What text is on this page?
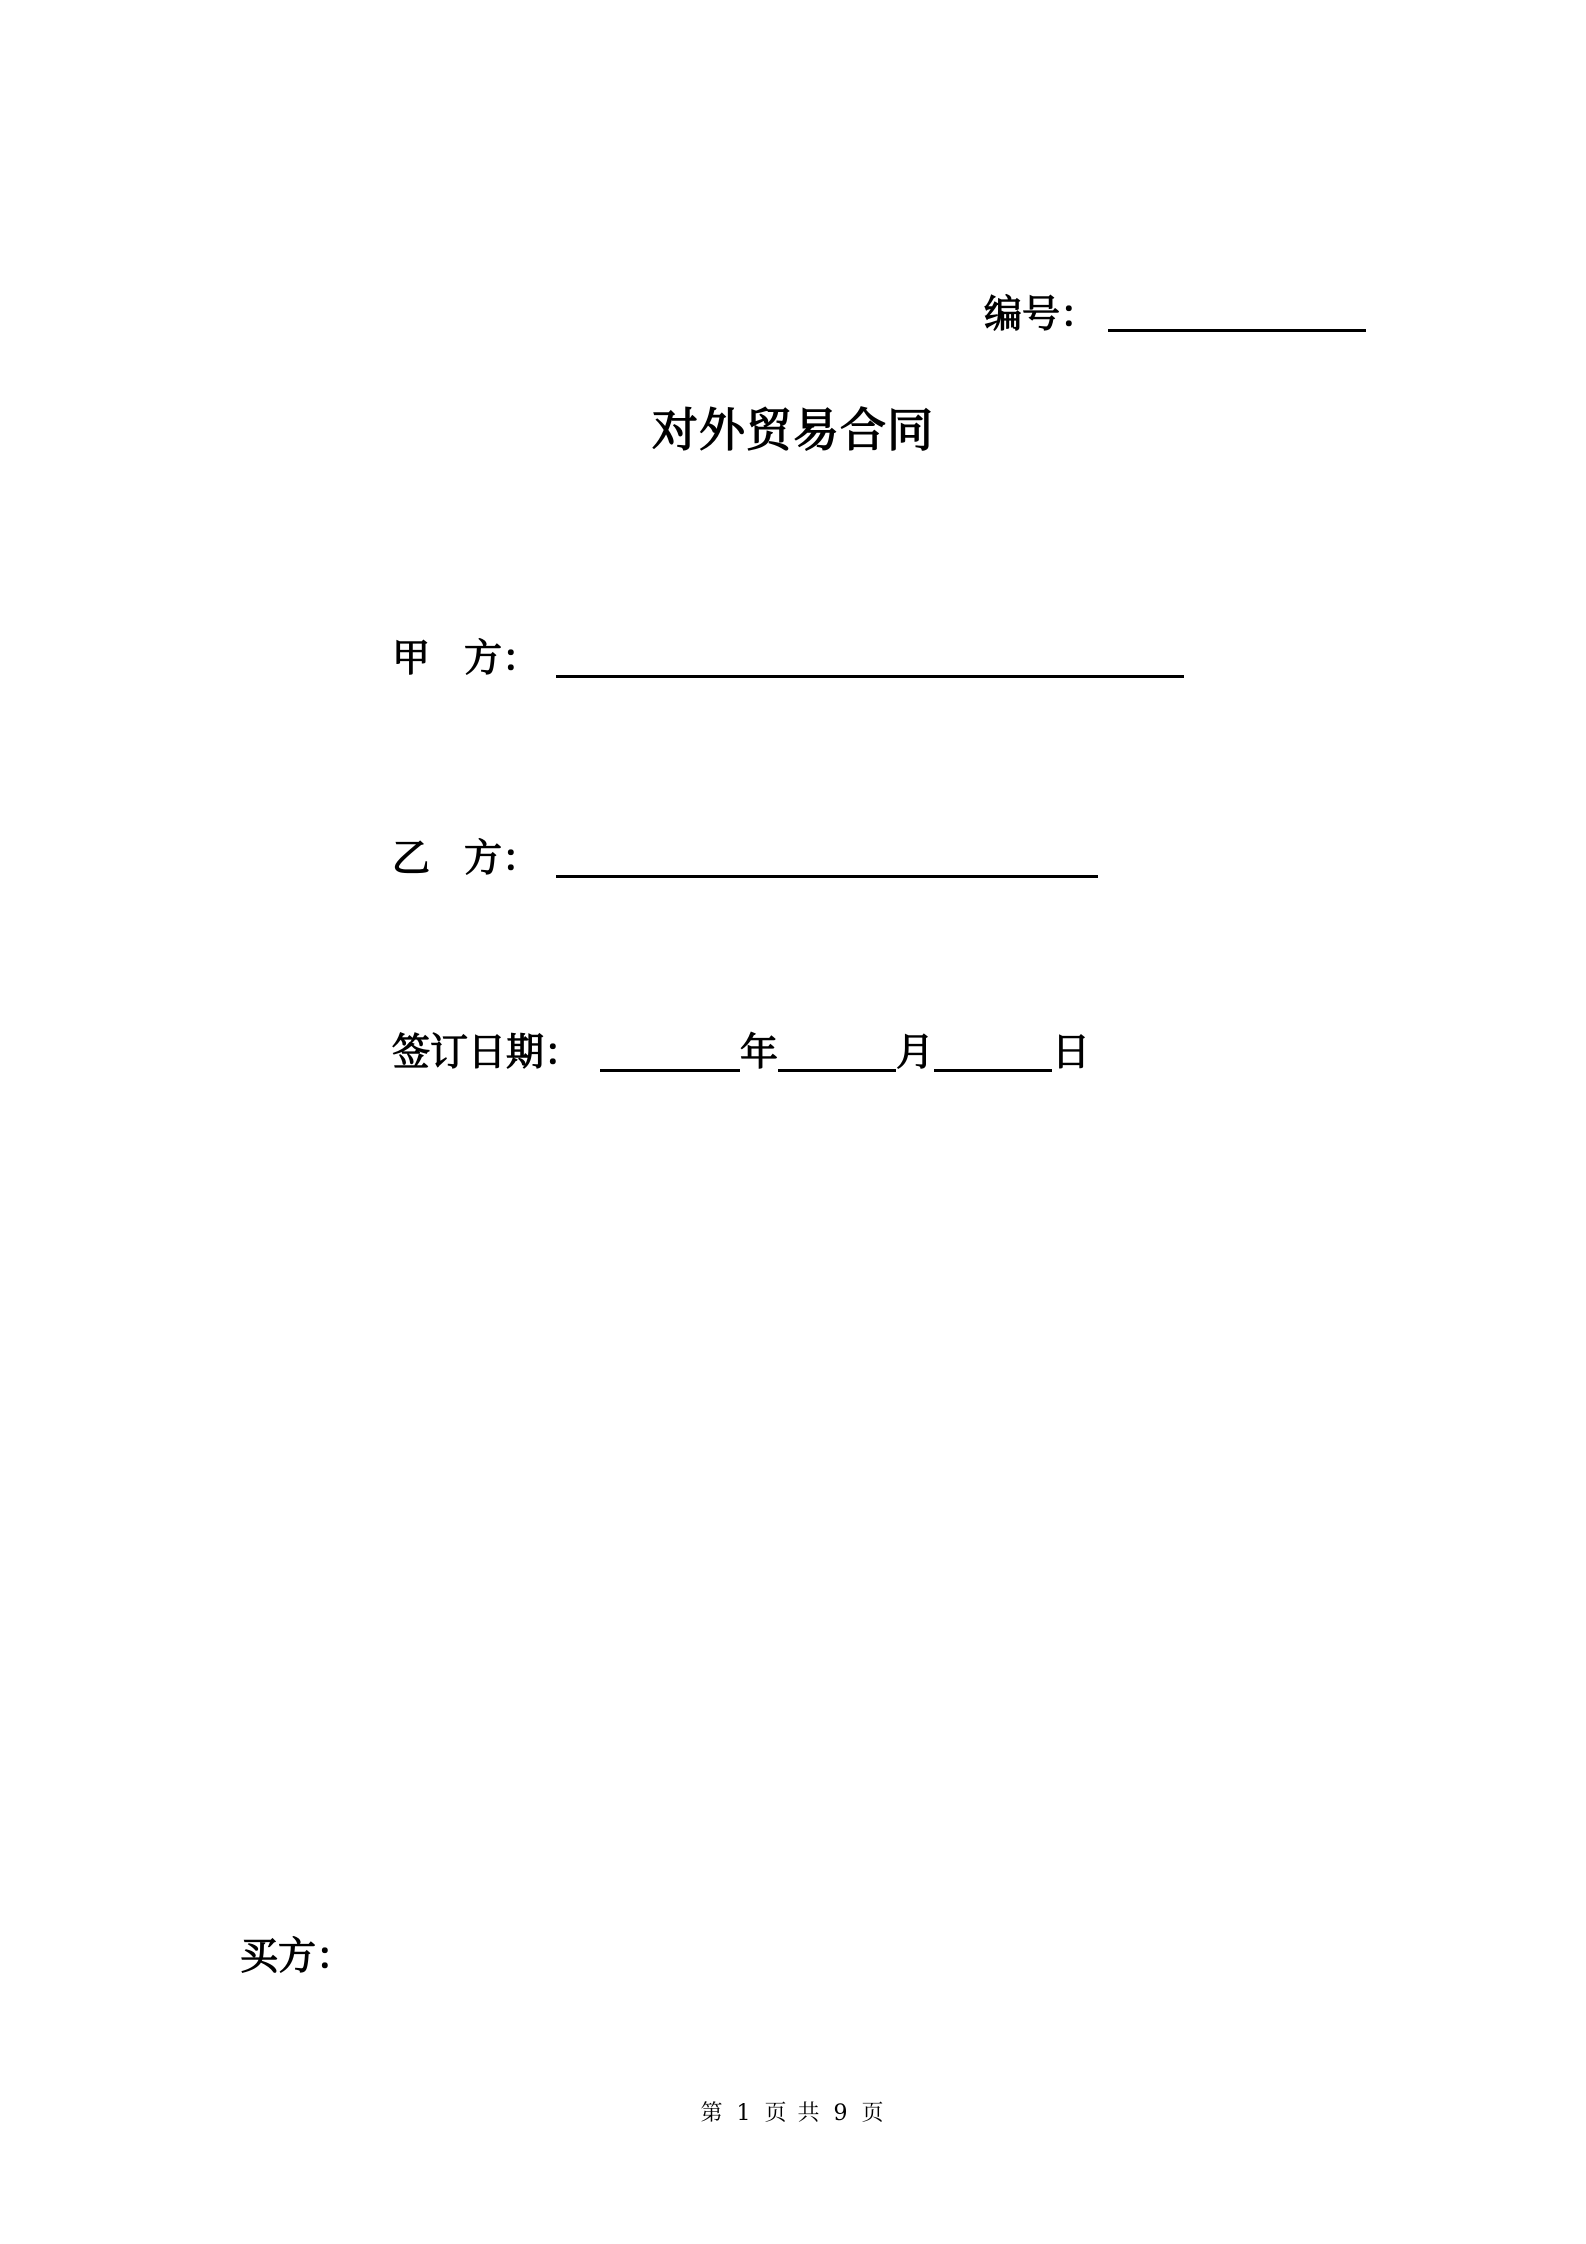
编号：
对外贸易合同
甲 方：
乙 方：
签订日期：	年	月	日
买方：
第 1 页 共 9 页
